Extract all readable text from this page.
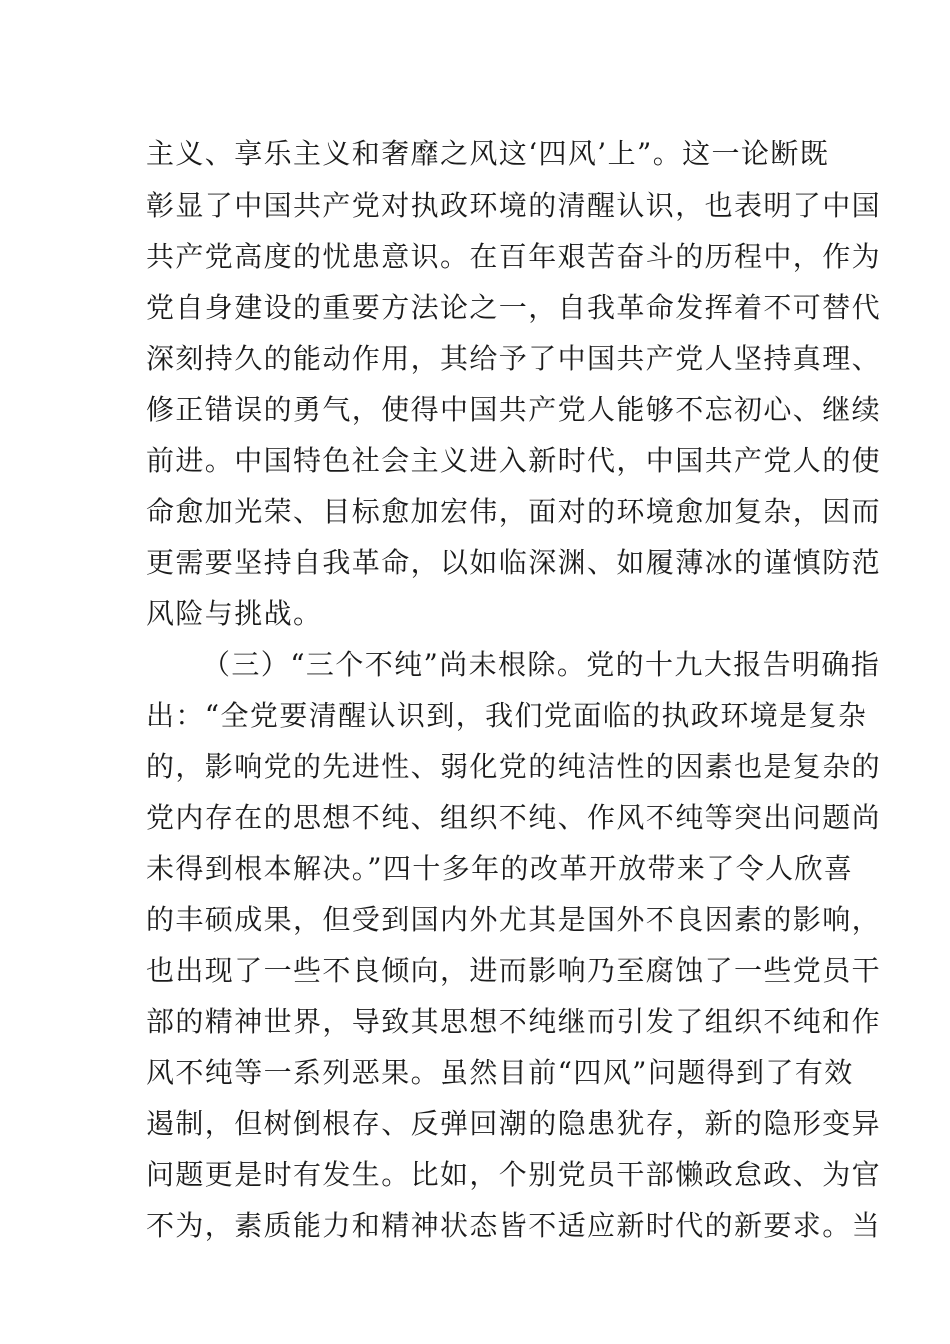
主义、享乐主义和奢靡之风这‘四风’上”。这一论断既
彰显了中国共产党对执政环境的清醒认识，也表明了中国
共产党高度的忧患意识。在百年艰苦奋斗的历程中，作为
党自身建设的重要方法论之一，自我革命发挥着不可替代
深刻持久的能动作用，其给予了中国共产党人坚持真理、
修正错误的勇气，使得中国共产党人能够不忘初心、继续
前进。中国特色社会主义进入新时代，中国共产党人的使
命愈加光荣、目标愈加宏伟，面对的环境愈加复杂，因而
更需要坚持自我革命，以如临深渊、如履薄冰的谨慎防范
风险与挑战。
（三）“三个不纯”尚未根除。党的十九大报告明确指
出：“全党要清醒认识到，我们党面临的执政环境是复杂
的，影响党的先进性、弱化党的纯洁性的因素也是复杂的
党内存在的思想不纯、组织不纯、作风不纯等突出问题尚
未得到根本解决。”四十多年的改革开放带来了令人欣喜
的丰硕成果，但受到国内外尤其是国外不良因素的影响，
也出现了一些不良倾向，进而影响乃至腐蚀了一些党员干
部的精神世界，导致其思想不纯继而引发了组织不纯和作
风不纯等一系列恶果。虽然目前“四风”问题得到了有效
遏制，但树倒根存、反弹回潮的隐患犹存，新的隐形变异
问题更是时有发生。比如，个别党员干部懒政怠政、为官
不为，素质能力和精神状态皆不适应新时代的新要求。当
